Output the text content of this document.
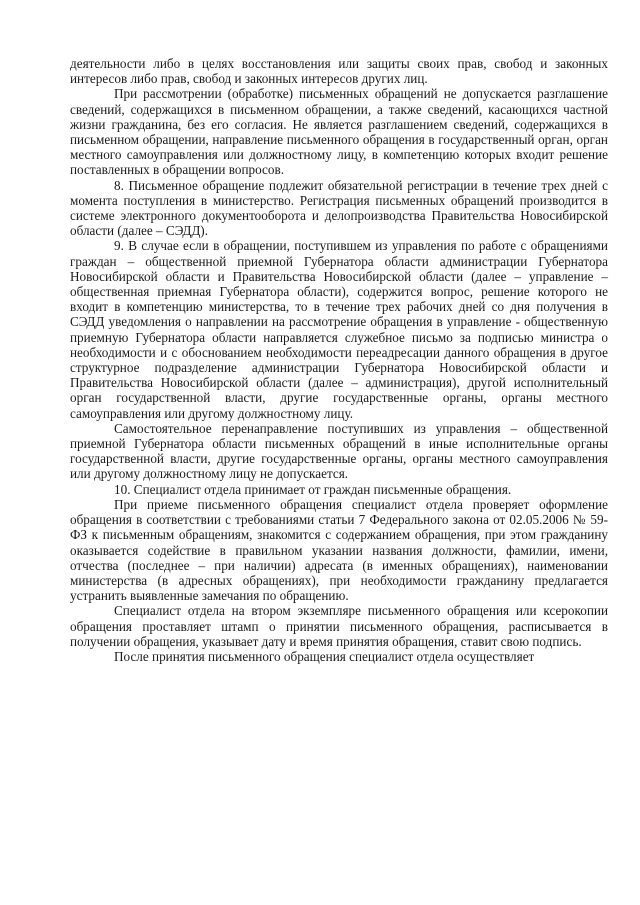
деятельности либо в целях восстановления или защиты своих прав, свобод и законных интересов либо прав, свобод и законных интересов других лиц.

При рассмотрении (обработке) письменных обращений не допускается разглашение сведений, содержащихся в письменном обращении, а также сведений, касающихся частной жизни гражданина, без его согласия. Не является разглашением сведений, содержащихся в письменном обращении, направление письменного обращения в государственный орган, орган местного самоуправления или должностному лицу, в компетенцию которых входит решение поставленных в обращении вопросов.

8. Письменное обращение подлежит обязательной регистрации в течение трех дней с момента поступления в министерство. Регистрация письменных обращений производится в системе электронного документооборота и делопроизводства Правительства Новосибирской области (далее – СЭДД).

9. В случае если в обращении, поступившем из управления по работе с обращениями граждан – общественной приемной Губернатора области администрации Губернатора Новосибирской области и Правительства Новосибирской области (далее – управление – общественная приемная Губернатора области), содержится вопрос, решение которого не входит в компетенцию министерства, то в течение трех рабочих дней со дня получения в СЭДД уведомления о направлении на рассмотрение обращения в управление - общественную приемную Губернатора области направляется служебное письмо за подписью министра о необходимости и с обоснованием необходимости переадресации данного обращения в другое структурное подразделение администрации Губернатора Новосибирской области и Правительства Новосибирской области (далее – администрация), другой исполнительный орган государственной власти, другие государственные органы, органы местного самоуправления или другому должностному лицу.

Самостоятельное перенаправление поступивших из управления – общественной приемной Губернатора области письменных обращений в иные исполнительные органы государственной власти, другие государственные органы, органы местного самоуправления или другому должностному лицу не допускается.

10. Специалист отдела принимает от граждан письменные обращения.

При приеме письменного обращения специалист отдела проверяет оформление обращения в соответствии с требованиями статьи 7 Федерального закона от 02.05.2006 № 59-ФЗ к письменным обращениям, знакомится с содержанием обращения, при этом гражданину оказывается содействие в правильном указании названия должности, фамилии, имени, отчества (последнее – при наличии) адресата (в именных обращениях), наименовании министерства (в адресных обращениях), при необходимости гражданину предлагается устранить выявленные замечания по обращению.

Специалист отдела на втором экземпляре письменного обращения или ксерокопии обращения проставляет штамп о принятии письменного обращения, расписывается в получении обращения, указывает дату и время принятия обращения, ставит свою подпись.

После принятия письменного обращения специалист отдела осуществляет
